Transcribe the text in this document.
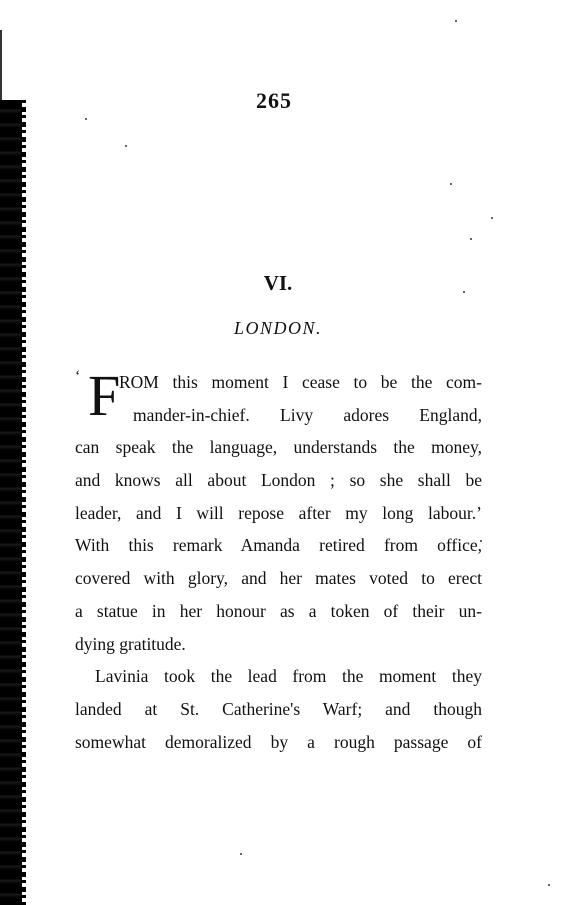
265
VI.
LONDON.
‘ F
ROM this moment I cease to be the com-
mander-in-chief. Livy adores England,
can speak the language, understands the money,
and knows all about London ; so she shall be
leader, and I will repose after my long labour.’
With this remark Amanda retired from office,
covered with glory, and her mates voted to erect
a statue in her honour as a token of their un-
dying gratitude.
Lavinia took the lead from the moment they
landed at St. Catherine's Warf; and though
somewhat demoralized by a rough passage of
